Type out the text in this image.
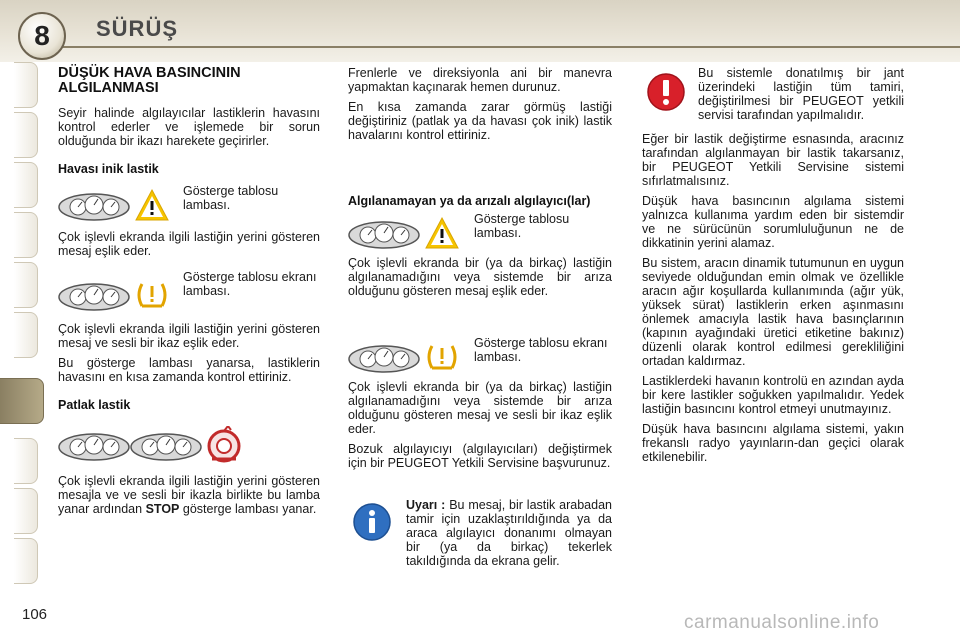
8	SÜRÜŞ
DÜŞÜK HAVA BASINCININ ALGILANMASI

Seyir halinde algılayıcılar lastiklerin havasını kontrol ederler ve işlemede bir sorun olduğunda bir ikazı harekete geçirirler.

Havası inik lastik
Gösterge tablosu lambası.

Çok işlevli ekranda ilgili lastiğin yerini gösteren mesaj eşlik eder.

Gösterge tablosu ekranı lambası.

Çok işlevli ekranda ilgili lastiğin yerini gösteren mesaj ve sesli bir ikaz eşlik eder.

Bu gösterge lambası yanarsa, lastiklerin havasını en kısa zamanda kontrol ettiriniz.

Patlak lastik

Çok işlevli ekranda ilgili lastiğin yerini gösteren mesajla ve ve sesli bir ikazla birlikte bu lamba yanar ardından STOP gösterge lambası yanar.

Frenlerle ve direksiyonla ani bir manevra yapmaktan kaçınarak hemen durunuz.

En kısa zamanda zarar görmüş lastiği değiştiriniz (patlak ya da havası çok inik) lastik havalarını kontrol ettiriniz.

Algılanamayan ya da arızalı algılayıcı(lar)
Gösterge tablosu lambası.

Çok işlevli ekranda bir (ya da birkaç) lastiğin algılanamadığını veya sistemde bir arıza olduğunu gösteren mesaj eşlik eder.

Gösterge tablosu ekranı lambası.

Çok işlevli ekranda bir (ya da birkaç) lastiğin algılanamadığını veya sistemde bir arıza olduğunu gösteren mesaj ve sesli bir ikaz eşlik eder.

Bozuk algılayıcıyı (algılayıcıları) değiştirmek için bir PEUGEOT Yetkili Servisine başvurunuz.

Uyarı : Bu mesaj, bir lastik arabadan tamir için uzaklaştırıldığında ya da araca algılayıcı donanımı olmayan bir (ya da birkaç) tekerlek takıldığında da ekrana gelir.

Bu sistemle donatılmış bir jant üzerindeki lastiğin tüm tamiri, değiştirilmesi bir PEUGEOT yetkili servisi tarafından yapılmalıdır.

Eğer bir lastik değiştirme esnasında, aracınız tarafından algılanmayan bir lastik takarsanız, bir PEUGEOT Yetkili Servisine sistemi sıfırlatmalısınız.

Düşük hava basıncının algılama sistemi yalnızca kullanıma yardım eden bir sistemdir ve ne sürücünün sorumluluğunun ne de dikkatinin yerini alamaz.

Bu sistem, aracın dinamik tutumunun en uygun seviyede olduğundan emin olmak ve özellikle aracın ağır koşullarda kullanımında (ağır yük, yüksek sürat) lastiklerin erken aşınmasını önlemek amacıyla lastik hava basınçlarının (kapının ayağındaki üretici etiketine bakınız) düzenli olarak kontrol edilmesi gerekliliğini ortadan kaldırmaz.

Lastiklerdeki havanın kontrolü en azından ayda bir kere lastikler soğukken yapılmalıdır. Yedek lastiğin basıncını kontrol etmeyi unutmayınız.

Düşük hava basıncını algılama sistemi, yakın frekanslı radyo yayınların-dan geçici olarak etkilenebilir.

106	carmanualsonline.info
